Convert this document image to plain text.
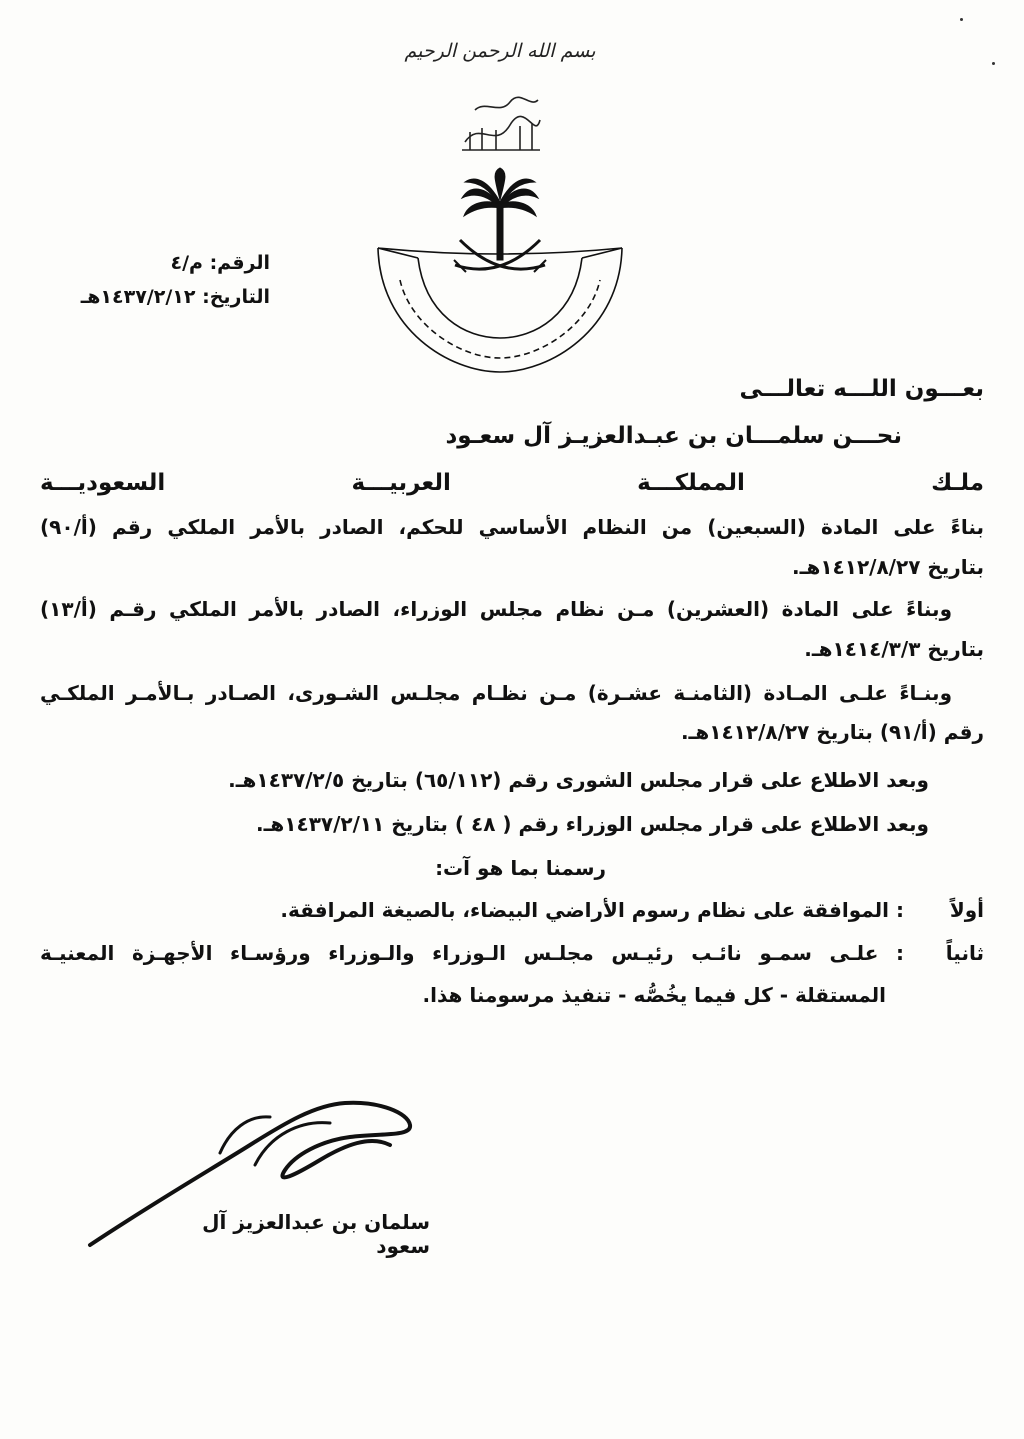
بسم الله الرحمن الرحيم
الرقم: م/٤
التاريخ: ١٤٣٧/٢/١٢هـ
بعـــون اللـــه تعالـــى
نحـــن سلمـــان بن عبـدالعزيـز آل سعـود
ملـك المملكـــة العربيـــة السعوديـــة
بناءً على المادة (السبعين) من النظام الأساسي للحكم، الصادر بالأمر الملكي رقم (أ/٩٠)
بتاريخ ١٤١٢/٨/٢٧هـ.
وبناءً على المادة (العشرين) مـن نظام مجلس الوزراء، الصادر بالأمر الملكي رقـم (أ/١٣)
بتاريخ ١٤١٤/٣/٣هـ.
وبنـاءً علـى المـادة (الثامنـة عشـرة) مـن نظـام مجلـس الشـورى، الصـادر بـالأمـر الملكـي
رقم (أ/٩١) بتاريخ ١٤١٢/٨/٢٧هـ.
وبعد الاطلاع على قرار مجلس الشورى رقم (٦٥/١١٢) بتاريخ ١٤٣٧/٢/٥هـ.
وبعد الاطلاع على قرار مجلس الوزراء رقم ( ٤٨ ) بتاريخ ١٤٣٧/٢/١١هـ.
رسمنا بما هو آت:
أولاً
: الموافقة على نظام رسوم الأراضي البيضاء، بالصيغة المرافقة.
ثانياً
: علـى سمـو نائـب رئيـس مجلـس الـوزراء والـوزراء ورؤسـاء الأجهـزة المعنيـة
المستقلة - كل فيما يخُصُّه - تنفيذ مرسومنا هذا.
سلمان بن عبدالعزيز آل سعود
